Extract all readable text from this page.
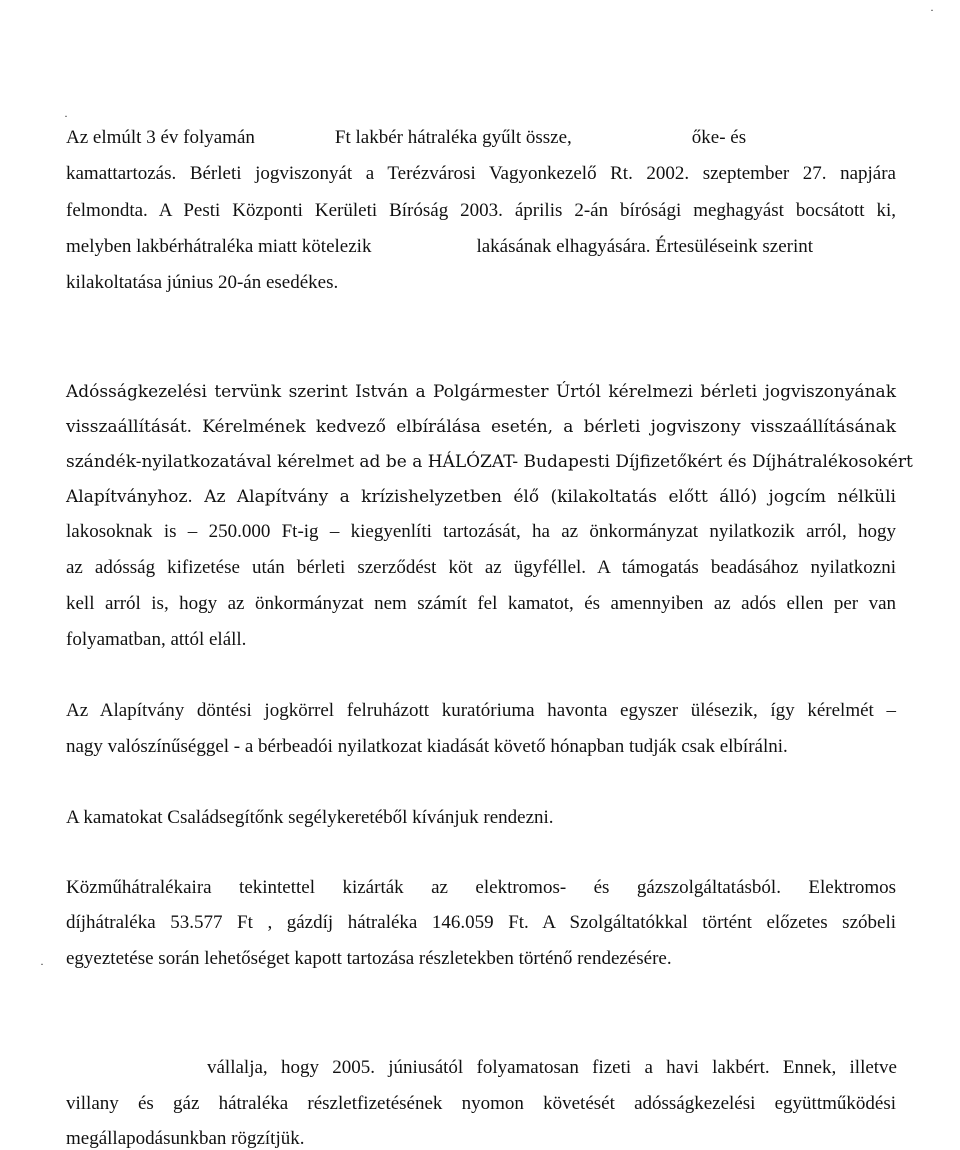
Az elmúlt 3 év folyamán	Ft lakbér hátraléka gyűlt össze,	őke- és
kamattartozás. Bérleti jogviszonyát a Terézvárosi Vagyonkezelő Rt. 2002. szeptember 27. napjára
felmondta. A Pesti Központi Kerületi Bíróság 2003. április 2-án bírósági meghagyást bocsátott ki,
melyben lakbérhátraléka miatt kötelezik	lakásának elhagyására. Értesüléseink szerint
kilakoltatása június 20-án esedékes.
Adósságkezelési tervünk szerint István a Polgármester Úrtól kérelmezi bérleti jogviszonyának
visszaállítását. Kérelmének kedvező elbírálása esetén, a bérleti jogviszony visszaállításának
szándék-nyilatkozatával kérelmet ad be a HÁLÓZAT- Budapesti Díjfizetőkért és Díjhátralékosokért
Alapítványhoz. Az Alapítvány a krízishelyzetben élő (kilakoltatás előtt álló) jogcím nélküli
lakosoknak is – 250.000 Ft-ig – kiegyenlíti tartozását, ha az önkormányzat nyilatkozik arról, hogy
az adósság kifizetése után bérleti szerződést köt az ügyféllel. A támogatás beadásához nyilatkozni
kell arról is, hogy az önkormányzat nem számít fel kamatot, és amennyiben az adós ellen per van
folyamatban, attól eláll.
Az Alapítvány döntési jogkörrel felruházott kuratóriuma havonta egyszer ülésezik, így kérelmét –
nagy valószínűséggel - a bérbeadói nyilatkozat kiadását követő hónapban tudják csak elbírálni.
A kamatokat Családsegítőnk segélykeretéből kívánjuk rendezni.
Közműhátralékaira tekintettel kizárták az elektromos- és gázszolgáltatásból. Elektromos
díjhátraléka 53.577 Ft , gázdíj hátraléka 146.059 Ft. A Szolgáltatókkal történt előzetes szóbeli
egyeztetése során lehetőséget kapott tartozása részletekben történő rendezésére.
vállalja, hogy 2005. júniusától folyamatosan fizeti a havi lakbért. Ennek, illetve
villany és gáz hátraléka részletfizetésének nyomon követését adósságkezelési együttműködési
megállapodásunkban rögzítjük.
·
·
·
